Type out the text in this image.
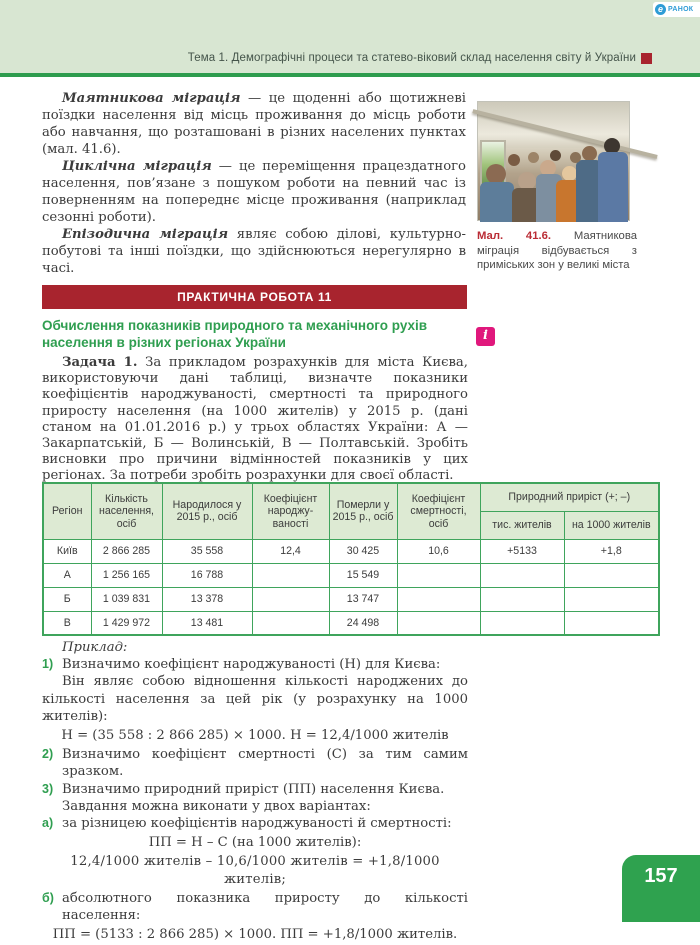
Тема 1. Демографічні процеси та статево-віковий склад населення світу й України
е РАНОК

Маятникова міграція — це щоденні або щотижневі поїздки населення від місць проживання до місць роботи або навчання, що розташовані в різних населених пунктах (мал. 41.6).

Циклічна міграція — це переміщення працездатного населення, пов’язане з пошуком роботи на певний час із поверненням на попереднє місце проживання (наприклад сезонні роботи).

Епізодична міграція являє собою ділові, культурно-побутові та інші поїздки, що здійснюються нерегулярно в часі.

Мал. 41.6. Маятникова міграція відбувається з приміських зон у великі міста
ПРАКТИЧНА РОБОТА 11
Обчислення показників природного та механічного рухів населення в різних регіонах України	і

Задача 1. За прикладом розрахунків для міста Києва, використовуючи дані таблиці, визначте показники коефіцієнтів народжуваності, смертності та природного приросту населення (на 1000 жителів) у 2015 р. (дані станом на 01.01.2016 р.) у трьох областях України: А — Закарпатській, Б — Волинській, В — Полтавській. Зробіть висновки про причини відмінностей показників у цих регіонах. За потреби зробіть розрахунки для своєї області.

Регіон	Кількість населення, осіб	Народилося у 2015 р., осіб	Коефіцієнт народжуваності	Померли у 2015 р., осіб	Коефіцієнт смертності, осіб	Природний приріст (+; –)	
						тис. жителів	на 1000 жителів
Київ	2 866 285	35 558	12,4	30 425	10,6	+5133	+1,8
А	1 256 165	16 788		15 549			
Б	1 039 831	13 378		13 747			
В	1 429 972	13 481		24 498			
Приклад:
1) Визначимо коефіцієнт народжуваності (Н) для Києва:
Він являє собою відношення кількості народжених до кількості населення за цей рік (у розрахунку на 1000 жителів):
Н = (35 558 : 2 866 285) × 1000. Н = 12,4/1000 жителів
2) Визначимо коефіцієнт смертності (С) за тим самим зразком.
3) Визначимо природний приріст (ПП) населення Києва.
Завдання можна виконати у двох варіантах:
а) за різницею коефіцієнтів народжуваності й смертності:
ПП = Н – С (на 1000 жителів):
12,4/1000 жителів – 10,6/1000 жителів = +1,8/1000 жителів;
б) абсолютного показника приросту до кількості населення:
ПП = (5133 : 2 866 285) × 1000. ПП = +1,8/1000 жителів.
157
